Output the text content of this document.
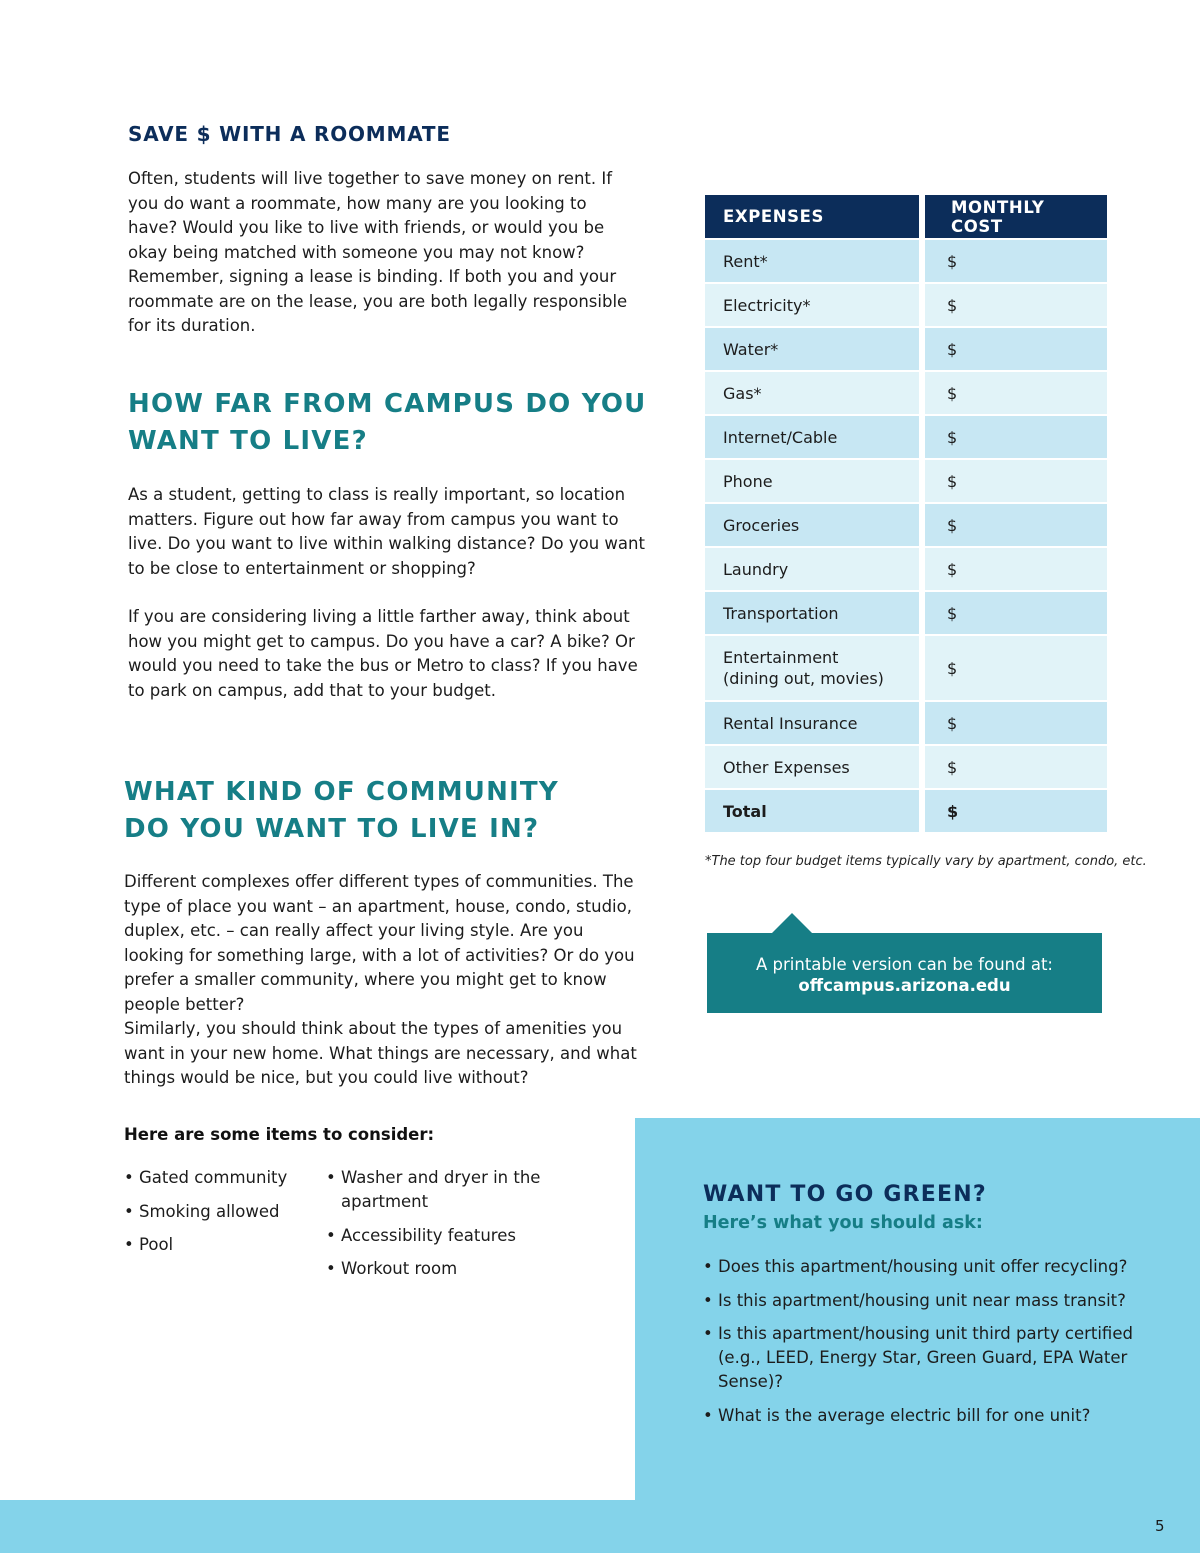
SAVE $ WITH A ROOMMATE

Often, students will live together to save money on rent. If you do want a roommate, how many are you looking to have? Would you like to live with friends, or would you be okay being matched with someone you may not know? Remember, signing a lease is binding. If both you and your roommate are on the lease, you are both legally responsible for its duration.

HOW FAR FROM CAMPUS DO YOU
WANT TO LIVE?

As a student, getting to class is really important, so location matters. Figure out how far away from campus you want to live. Do you want to live within walking distance? Do you want to be close to entertainment or shopping?

If you are considering living a little farther away, think about how you might get to campus. Do you have a car? A bike? Or would you need to take the bus or Metro to class? If you have to park on campus, add that to your budget.

WHAT KIND OF COMMUNITY
DO YOU WANT TO LIVE IN?

Different complexes offer different types of communities. The type of place you want – an apartment, house, condo, studio, duplex, etc. – can really affect your living style. Are you looking for something large, with a lot of activities? Or do you prefer a smaller community, where you might get to know people better?

Similarly, you should think about the types of amenities you want in your new home. What things are necessary, and what things would be nice, but you could live without?

Here are some items to consider:
• Gated community
• Smoking allowed
• Pool
• Washer and dryer in the apartment
• Accessibility features
• Workout room
EXPENSES	MONTHLY COST
Rent*	$
Electricity*	$
Water*	$
Gas*	$
Internet/Cable	$
Phone	$
Groceries	$
Laundry	$
Transportation	$

Entertainment
(dining out, movies)	$
Rental Insurance	$
Other Expenses	$
Total	$
*The top four budget items typically vary by apartment, condo, etc.
A printable version can be found at:
offcampus.arizona.edu
WANT TO GO GREEN?
Here’s what you should ask:
• Does this apartment/housing unit offer recycling?
• Is this apartment/housing unit near mass transit?
• Is this apartment/housing unit third party certified (e.g., LEED, Energy Star, Green Guard, EPA Water Sense)?
• What is the average electric bill for one unit?
5
